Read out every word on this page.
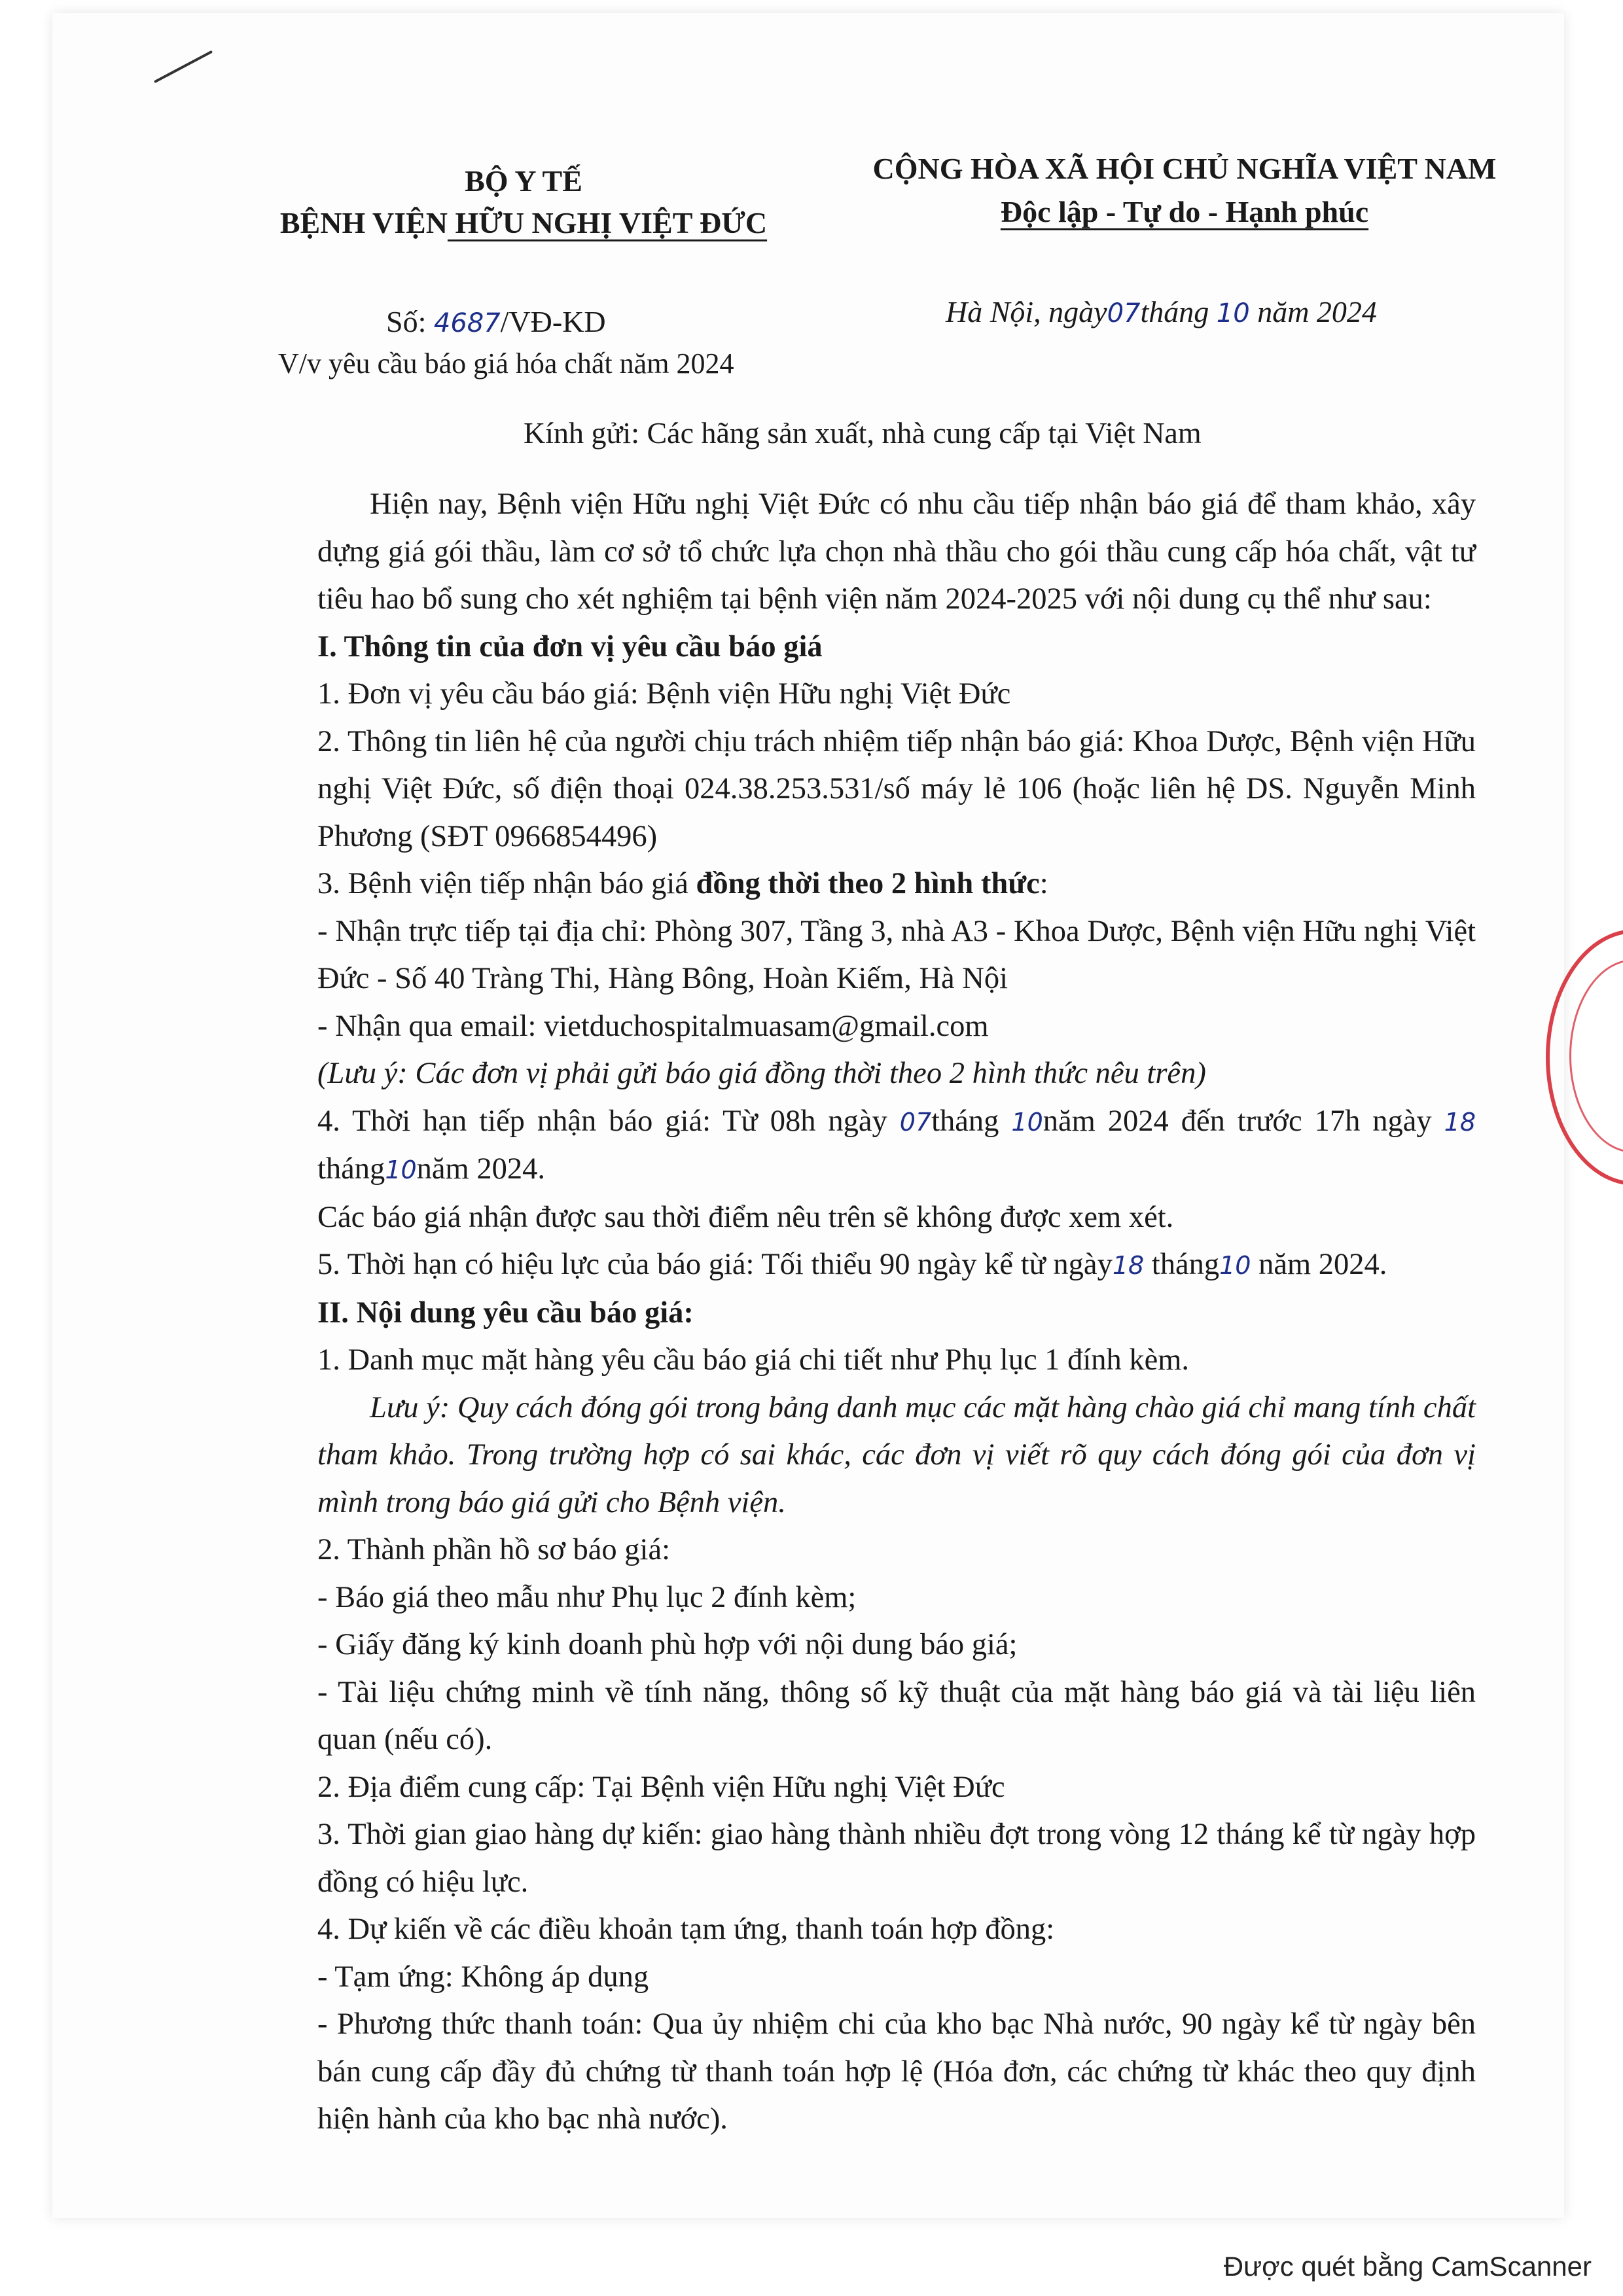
BỘ Y TẾ
BỆNH VIỆN HỮU NGHỊ VIỆT ĐỨC
CỘNG HÒA XÃ HỘI CHỦ NGHĨA VIỆT NAM
Độc lập - Tự do - Hạnh phúc
Số: 4687/VĐ-KD
V/v yêu cầu báo giá hóa chất năm 2024
Hà Nội, ngày07tháng 10 năm 2024
Kính gửi: Các hãng sản xuất, nhà cung cấp tại Việt Nam

Hiện nay, Bệnh viện Hữu nghị Việt Đức có nhu cầu tiếp nhận báo giá để tham khảo, xây dựng giá gói thầu, làm cơ sở tổ chức lựa chọn nhà thầu cho gói thầu cung cấp hóa chất, vật tư tiêu hao bổ sung cho xét nghiệm tại bệnh viện năm 2024-2025 với nội dung cụ thể như sau:

I. Thông tin của đơn vị yêu cầu báo giá

1. Đơn vị yêu cầu báo giá: Bệnh viện Hữu nghị Việt Đức

2. Thông tin liên hệ của người chịu trách nhiệm tiếp nhận báo giá: Khoa Dược, Bệnh viện Hữu nghị Việt Đức, số điện thoại 024.38.253.531/số máy lẻ 106 (hoặc liên hệ DS. Nguyễn Minh Phương (SĐT 0966854496)

3. Bệnh viện tiếp nhận báo giá đồng thời theo 2 hình thức:

- Nhận trực tiếp tại địa chỉ: Phòng 307, Tầng 3, nhà A3 - Khoa Dược, Bệnh viện Hữu nghị Việt Đức - Số 40 Tràng Thi, Hàng Bông, Hoàn Kiếm, Hà Nội

- Nhận qua email: vietduchospitalmuasam@gmail.com

(Lưu ý: Các đơn vị phải gửi báo giá đồng thời theo 2 hình thức nêu trên)

4. Thời hạn tiếp nhận báo giá: Từ 08h ngày 07tháng 10năm 2024 đến trước 17h ngày 18 tháng10năm 2024.

Các báo giá nhận được sau thời điểm nêu trên sẽ không được xem xét.

5. Thời hạn có hiệu lực của báo giá: Tối thiểu 90 ngày kể từ ngày18 tháng10 năm 2024.

II. Nội dung yêu cầu báo giá:

1. Danh mục mặt hàng yêu cầu báo giá chi tiết như Phụ lục 1 đính kèm.

Lưu ý: Quy cách đóng gói trong bảng danh mục các mặt hàng chào giá chỉ mang tính chất tham khảo. Trong trường hợp có sai khác, các đơn vị viết rõ quy cách đóng gói của đơn vị mình trong báo giá gửi cho Bệnh viện.

2. Thành phần hồ sơ báo giá:

- Báo giá theo mẫu như Phụ lục 2 đính kèm;

- Giấy đăng ký kinh doanh phù hợp với nội dung báo giá;

- Tài liệu chứng minh về tính năng, thông số kỹ thuật của mặt hàng báo giá và tài liệu liên quan (nếu có).

2. Địa điểm cung cấp: Tại Bệnh viện Hữu nghị Việt Đức

3. Thời gian giao hàng dự kiến: giao hàng thành nhiều đợt trong vòng 12 tháng kể từ ngày hợp đồng có hiệu lực.

4. Dự kiến về các điều khoản tạm ứng, thanh toán hợp đồng:

- Tạm ứng: Không áp dụng

- Phương thức thanh toán: Qua ủy nhiệm chi của kho bạc Nhà nước, 90 ngày kể từ ngày bên bán cung cấp đầy đủ chứng từ thanh toán hợp lệ (Hóa đơn, các chứng từ khác theo quy định hiện hành của kho bạc nhà nước).

Được quét bằng CamScanner
